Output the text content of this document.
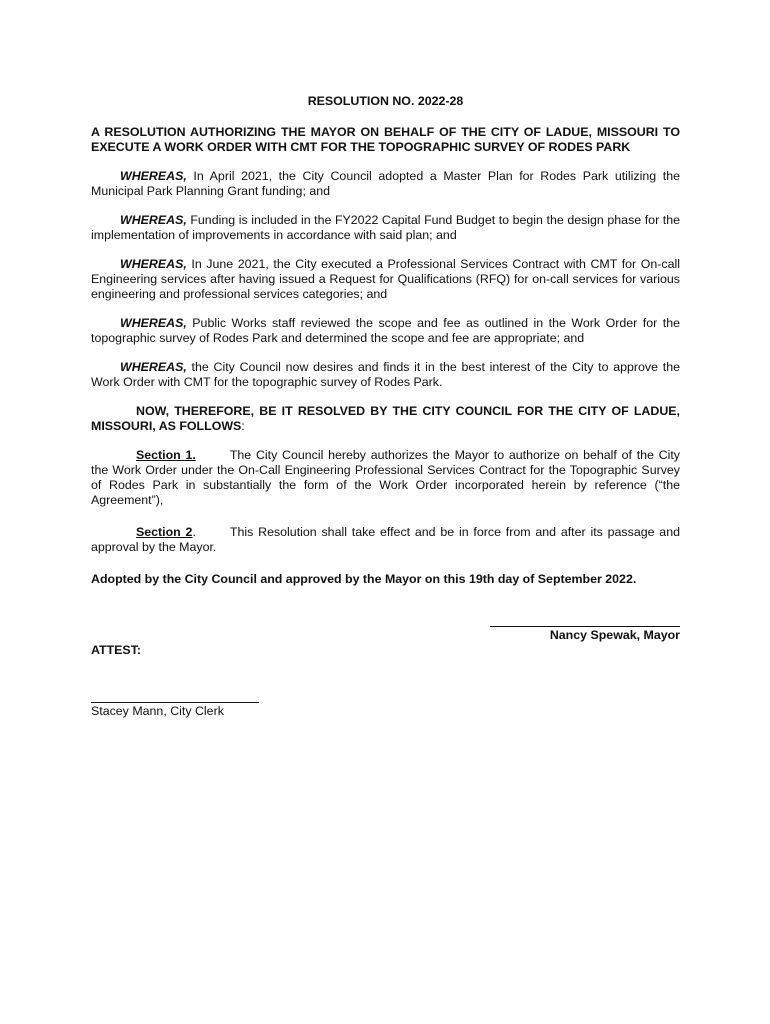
RESOLUTION NO. 2022-28

A RESOLUTION AUTHORIZING THE MAYOR ON BEHALF OF THE CITY OF LADUE, MISSOURI TO EXECUTE A WORK ORDER WITH CMT FOR THE TOPOGRAPHIC SURVEY OF RODES PARK

WHEREAS, In April 2021, the City Council adopted a Master Plan for Rodes Park utilizing the Municipal Park Planning Grant funding; and

WHEREAS, Funding is included in the FY2022 Capital Fund Budget to begin the design phase for the implementation of improvements in accordance with said plan; and

WHEREAS, In June 2021, the City executed a Professional Services Contract with CMT for On-call Engineering services after having issued a Request for Qualifications (RFQ) for on-call services for various engineering and professional services categories; and

WHEREAS, Public Works staff reviewed the scope and fee as outlined in the Work Order for the topographic survey of Rodes Park and determined the scope and fee are appropriate; and

WHEREAS, the City Council now desires and finds it in the best interest of the City to approve the Work Order with CMT for the topographic survey of Rodes Park.

NOW, THEREFORE, BE IT RESOLVED BY THE CITY COUNCIL FOR THE CITY OF LADUE, MISSOURI, AS FOLLOWS:

Section 1.	The City Council hereby authorizes the Mayor to authorize on behalf of the City the Work Order under the On-Call Engineering Professional Services Contract for the Topographic Survey of Rodes Park in substantially the form of the Work Order incorporated herein by reference (“the Agreement”),

Section 2.	This Resolution shall take effect and be in force from and after its passage and approval by the Mayor.

Adopted by the City Council and approved by the Mayor on this 19th day of September 2022.

Nancy Spewak, Mayor
ATTEST:
Stacey Mann, City Clerk
